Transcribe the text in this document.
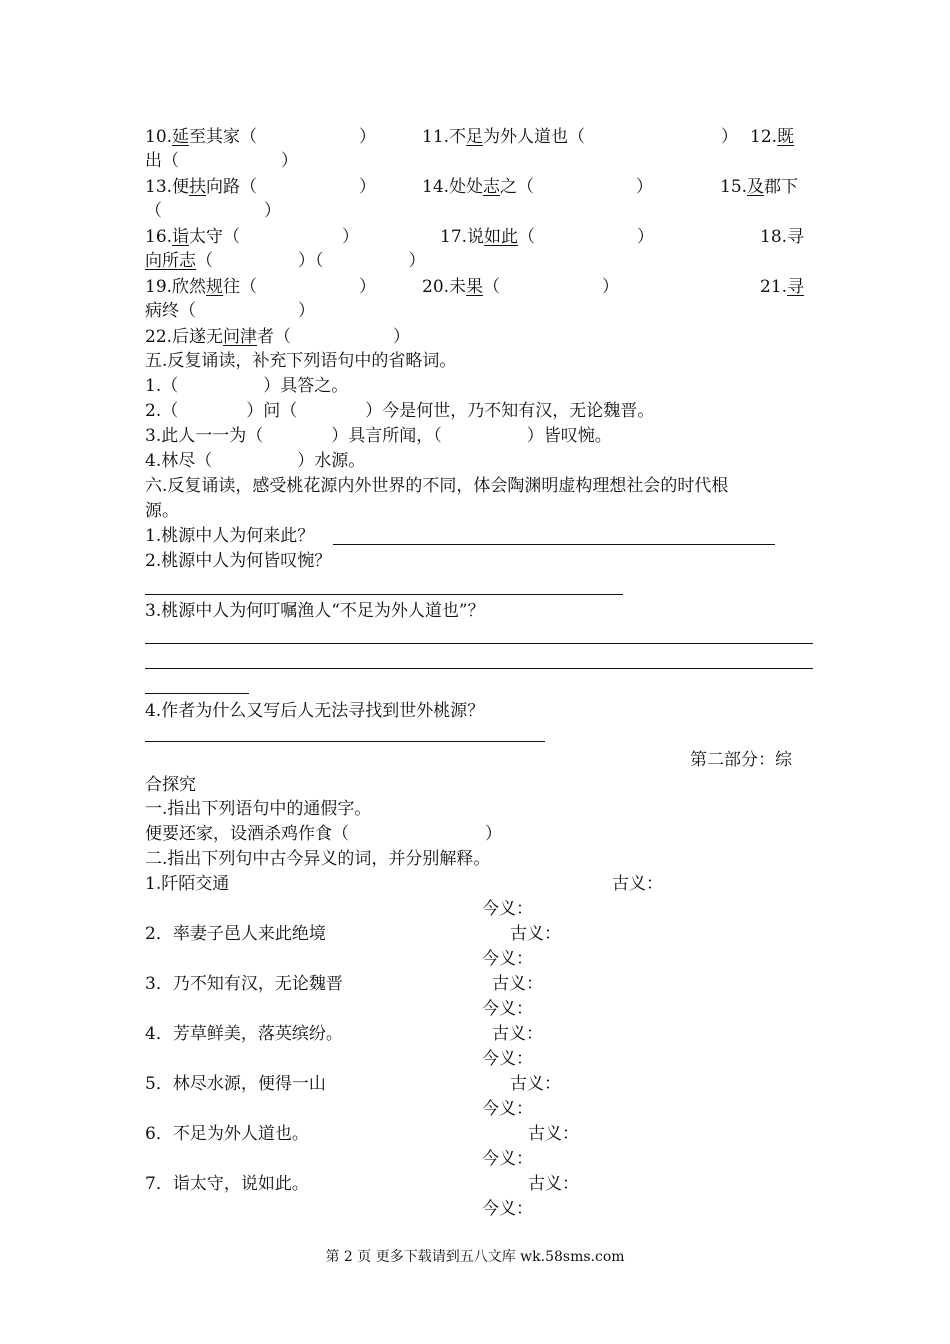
10.延至其家（　　　　　　）	11.不足为外人道也（　　　　　　　　） 12.既
出（　　　　　　）
13.便扶向路（　　　　　　）	14.处处志之（　　　　　　）	15.及郡下
（　　　　　　）
16.诣太守（　　　　　　）	17.说如此（　　　　　　）	18.寻
向所志（　　　　　）（　　　　　）
19.欣然规往（　　　　　　）	20.未果（　　　　　　）	21.寻
病终（　　　　　　）
22.后遂无问津者（　　　　　　）
五.反复诵读，补充下列语句中的省略词。
1.（　　　　　）具答之。
2.（　　　　）问（　　　　）今是何世，乃不知有汉，无论魏晋。
3.此人一一为（　　　　）具言所闻，（　　　　　）皆叹惋。
4.林尽（　　　　　）水源。
六.反复诵读，感受桃花源内外世界的不同，体会陶渊明虚构理想社会的时代根
源。
1.桃源中人为何来此？
2.桃源中人为何皆叹惋？
3.桃源中人为何叮嘱渔人“不足为外人道也”？
4.作者为什么又写后人无法寻找到世外桃源？
第二部分：综
合探究
一.指出下列语句中的通假字。
便要还家，设酒杀鸡作食（　　　　　　　　）
二.指出下列句中古今异义的词，并分别解释。
1.阡陌交通	古义：
今义：
2．率妻子邑人来此绝境	古义：
今义：
3．乃不知有汉，无论魏晋	古义：
今义：
4．芳草鲜美，落英缤纷。	古义：
今义：
5．林尽水源，便得一山	古义：
今义：
6．不足为外人道也。	古义：
今义：
7．诣太守，说如此。	古义：
今义：
第 2 页 更多下载请到五八文库 wk.58sms.com
